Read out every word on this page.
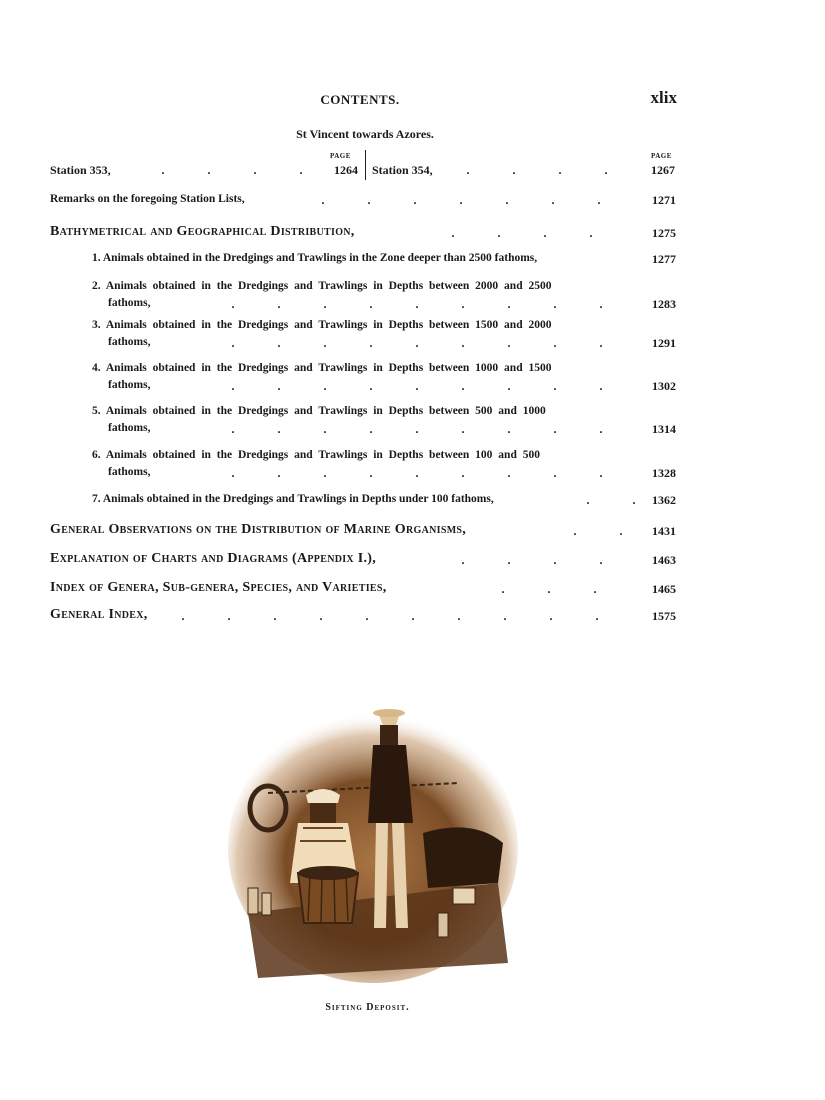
CONTENTS.	xlix
St Vincent towards Azores.
PAGE	PAGE
Station 353,	.	.	.	.	1264 Station 354,	.	.	.	.	1267
Remarks on the foregoing Station Lists,	.	.	.	.	.	.	.	1271
Bathymetrical and Geographical Distribution,	.	.	.	.	1275
1. Animals obtained in the Dredgings and Trawlings in the Zone deeper than 2500 fathoms,	1277
2. Animals obtained in the Dredgings and Trawlings in Depths between 2000 and 2500
fathoms,	.	.	.	.	.	.	.	.	.	1283
3. Animals obtained in the Dredgings and Trawlings in Depths between 1500 and 2000
fathoms,	.	.	.	.	.	.	.	.	.	1291
4. Animals obtained in the Dredgings and Trawlings in Depths between 1000 and 1500
fathoms,	.	.	.	.	.	.	.	.	.	1302
5. Animals obtained in the Dredgings and Trawlings in Depths between 500 and 1000
fathoms,	.	.	.	.	.	.	.	.	.	1314
6. Animals obtained in the Dredgings and Trawlings in Depths between 100 and 500
fathoms,	.	.	.	.	.	.	.	.	.	1328
7. Animals obtained in the Dredgings and Trawlings in Depths under 100 fathoms,	.	.	1362
General Observations on the Distribution of Marine Organisms,	.	.	1431
Explanation of Charts and Diagrams (Appendix I.),	.	.	.	.	1463
Index of Genera, Sub-genera, Species, and Varieties,	.	.	.	1465
General Index,	.	.	.	.	.	.	.	.	.	.	1575
Sifting Deposit.
